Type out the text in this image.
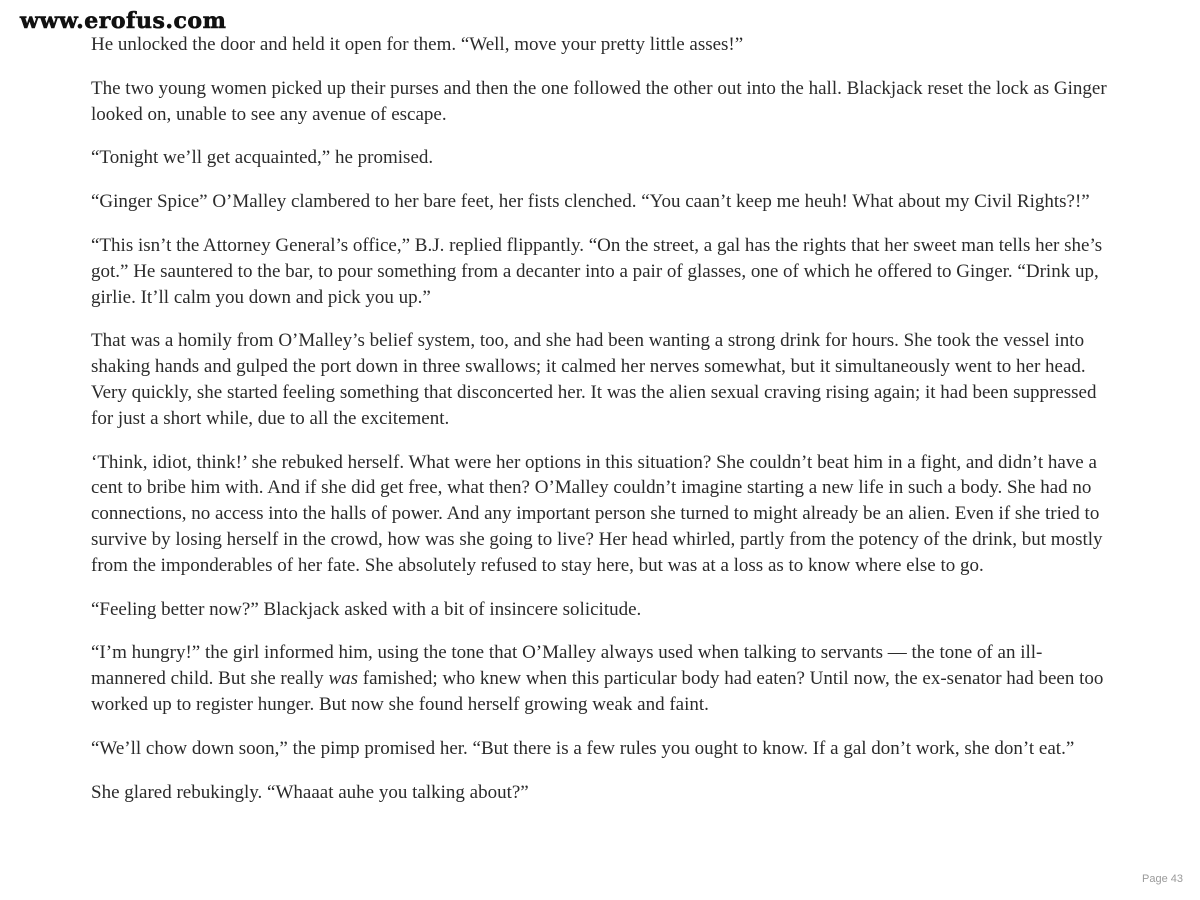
www.erofus.com

He unlocked the door and held it open for them. “Well, move your pretty little asses!”

The two young women picked up their purses and then the one followed the other out into the hall. Blackjack reset the lock as Ginger looked on, unable to see any avenue of escape.

“Tonight we’ll get acquainted,” he promised.

“Ginger Spice” O’Malley clambered to her bare feet, her fists clenched. “You caan’t keep me heuh! What about my Civil Rights?!”

“This isn’t the Attorney General’s office,” B.J. replied flippantly. “On the street, a gal has the rights that her sweet man tells her she’s got.” He sauntered to the bar, to pour something from a decanter into a pair of glasses, one of which he offered to Ginger. “Drink up, girlie. It’ll calm you down and pick you up.”

That was a homily from O’Malley’s belief system, too, and she had been wanting a strong drink for hours. She took the vessel into shaking hands and gulped the port down in three swallows; it calmed her nerves somewhat, but it simultaneously went to her head. Very quickly, she started feeling something that disconcerted her. It was the alien sexual craving rising again; it had been suppressed for just a short while, due to all the excitement.

‘Think, idiot, think!’ she rebuked herself. What were her options in this situation? She couldn’t beat him in a fight, and didn’t have a cent to bribe him with. And if she did get free, what then? O’Malley couldn’t imagine starting a new life in such a body. She had no connections, no access into the halls of power. And any important person she turned to might already be an alien. Even if she tried to survive by losing herself in the crowd, how was she going to live? Her head whirled, partly from the potency of the drink, but mostly from the imponderables of her fate. She absolutely refused to stay here, but was at a loss as to know where else to go.

“Feeling better now?” Blackjack asked with a bit of insincere solicitude.

“I’m hungry!” the girl informed him, using the tone that O’Malley always used when talking to servants — the tone of an ill-mannered child. But she really was famished; who knew when this particular body had eaten? Until now, the ex-senator had been too worked up to register hunger. But now she found herself growing weak and faint.

“We’ll chow down soon,” the pimp promised her. “But there is a few rules you ought to know. If a gal don’t work, she don’t eat.”

She glared rebukingly. “Whaaat auhe you talking about?”

Page 43
